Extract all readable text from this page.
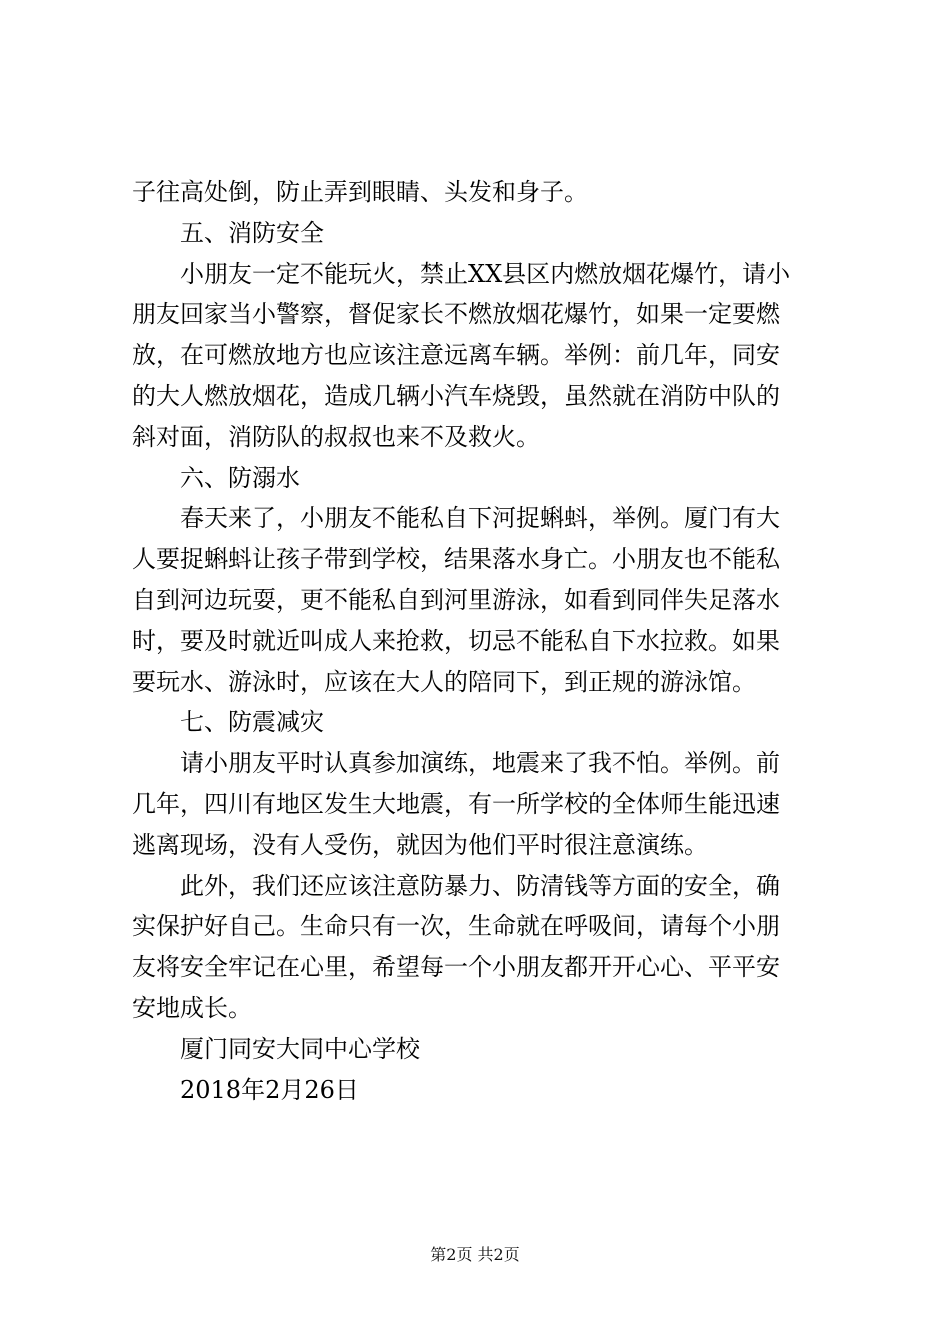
子往高处倒，防止弄到眼睛、头发和身子。
五、消防安全
小朋友一定不能玩火，禁止XX县区内燃放烟花爆竹，请小
朋友回家当小警察，督促家长不燃放烟花爆竹，如果一定要燃
放，在可燃放地方也应该注意远离车辆。举例：前几年，同安
的大人燃放烟花，造成几辆小汽车烧毁，虽然就在消防中队的
斜对面，消防队的叔叔也来不及救火。
六、防溺水
春天来了，小朋友不能私自下河捉蝌蚪，举例。厦门有大
人要捉蝌蚪让孩子带到学校，结果落水身亡。小朋友也不能私
自到河边玩耍，更不能私自到河里游泳，如看到同伴失足落水
时，要及时就近叫成人来抢救，切忌不能私自下水拉救。如果
要玩水、游泳时，应该在大人的陪同下，到正规的游泳馆。
七、防震减灾
请小朋友平时认真参加演练，地震来了我不怕。举例。前
几年，四川有地区发生大地震，有一所学校的全体师生能迅速
逃离现场，没有人受伤，就因为他们平时很注意演练。
此外，我们还应该注意防暴力、防清钱等方面的安全，确
实保护好自己。生命只有一次，生命就在呼吸间，请每个小朋
友将安全牢记在心里，希望每一个小朋友都开开心心、平平安
安地成长。
厦门同安大同中心学校
2018年2月26日
第2页 共2页
